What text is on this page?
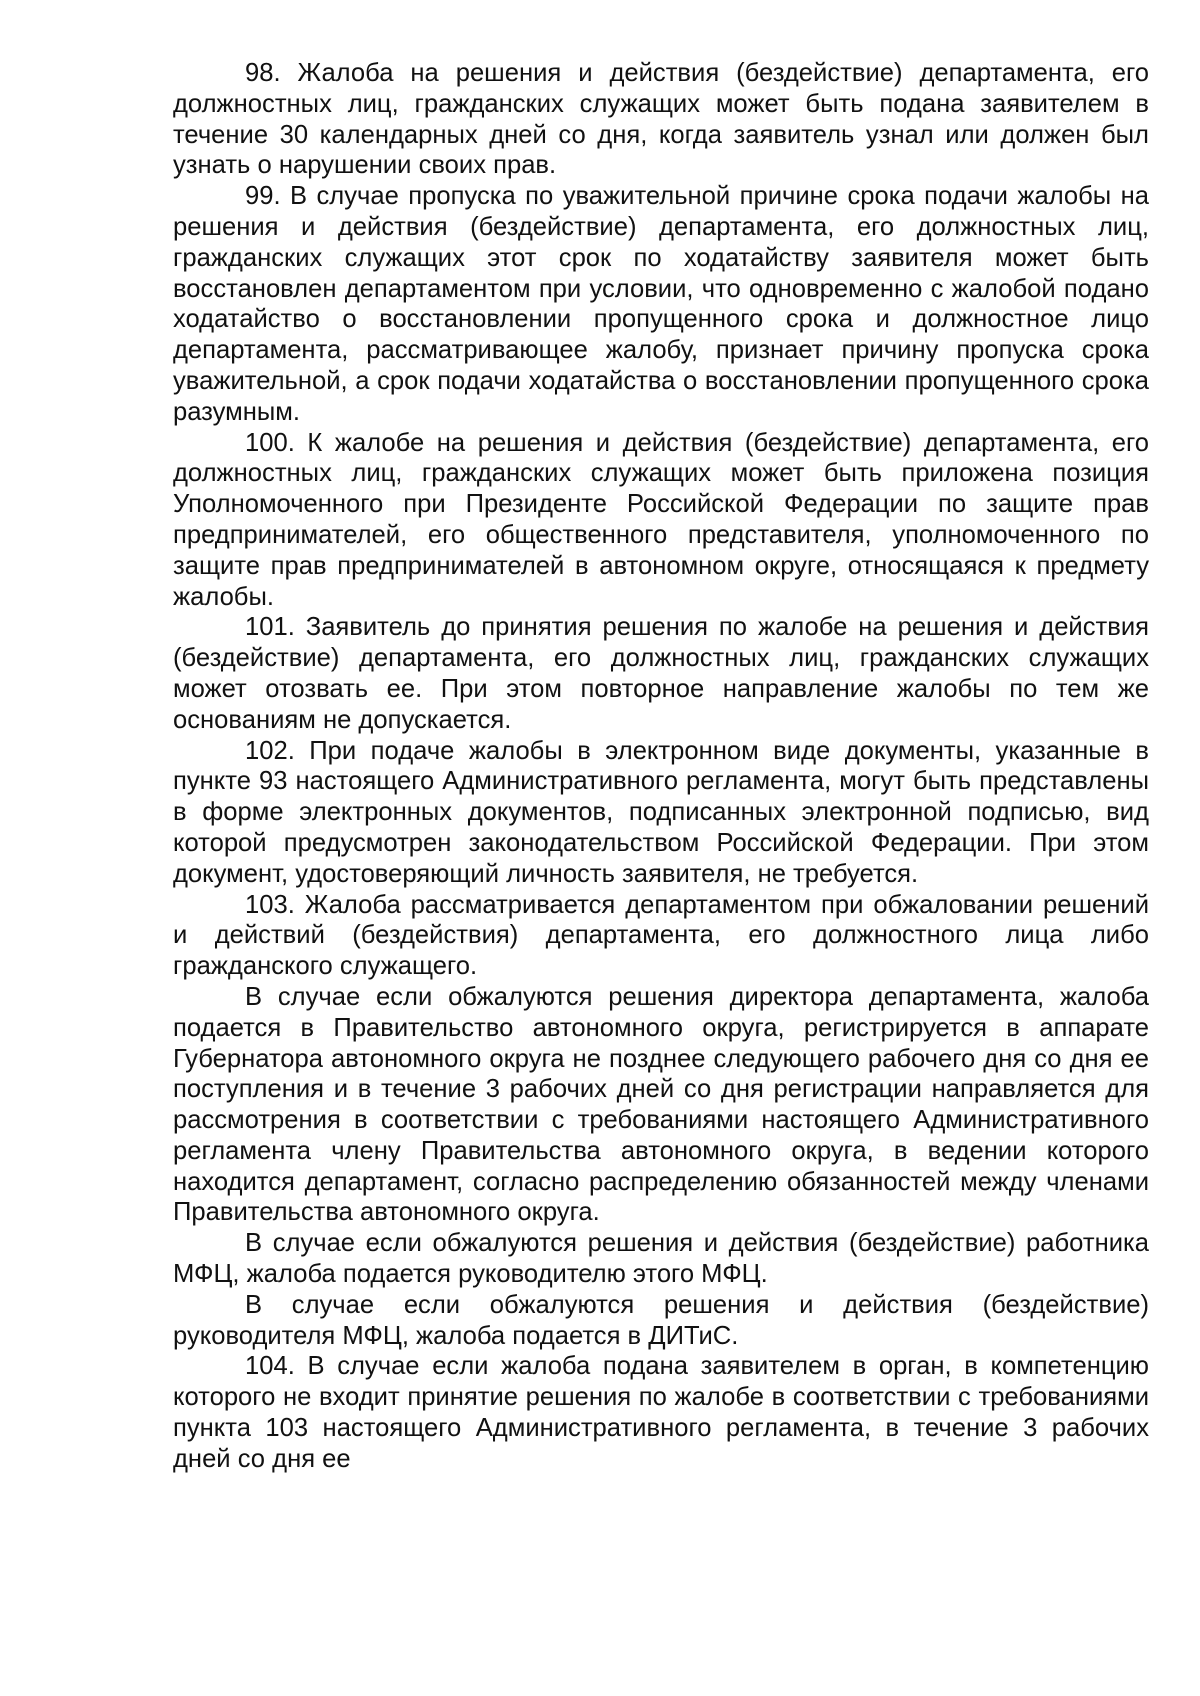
98. Жалоба на решения и действия (бездействие) департамента, его должностных лиц, гражданских служащих может быть подана заявителем в течение 30 календарных дней со дня, когда заявитель узнал или должен был узнать о нарушении своих прав.

99. В случае пропуска по уважительной причине срока подачи жалобы на решения и действия (бездействие) департамента, его должностных лиц, гражданских служащих этот срок по ходатайству заявителя может быть восстановлен департаментом при условии, что одновременно с жалобой подано ходатайство о восстановлении пропущенного срока и должностное лицо департамента, рассматривающее жалобу, признает причину пропуска срока уважительной, а срок подачи ходатайства о восстановлении пропущенного срока разумным.

100. К жалобе на решения и действия (бездействие) департамента, его должностных лиц, гражданских служащих может быть приложена позиция Уполномоченного при Президенте Российской Федерации по защите прав предпринимателей, его общественного представителя, уполномоченного по защите прав предпринимателей в автономном округе, относящаяся к предмету жалобы.

101. Заявитель до принятия решения по жалобе на решения и действия (бездействие) департамента, его должностных лиц, гражданских служащих может отозвать ее. При этом повторное направление жалобы по тем же основаниям не допускается.

102. При подаче жалобы в электронном виде документы, указанные в пункте 93 настоящего Административного регламента, могут быть представлены в форме электронных документов, подписанных электронной подписью, вид которой предусмотрен законодательством Российской Федерации. При этом документ, удостоверяющий личность заявителя, не требуется.

103. Жалоба рассматривается департаментом при обжаловании решений и действий (бездействия) департамента, его должностного лица либо гражданского служащего.

В случае если обжалуются решения директора департамента, жалоба подается в Правительство автономного округа, регистрируется в аппарате Губернатора автономного округа не позднее следующего рабочего дня со дня ее поступления и в течение 3 рабочих дней со дня регистрации направляется для рассмотрения в соответствии с требованиями настоящего Административного регламента члену Правительства автономного округа, в ведении которого находится департамент, согласно распределению обязанностей между членами Правительства автономного округа.

В случае если обжалуются решения и действия (бездействие) работника МФЦ, жалоба подается руководителю этого МФЦ.

В случае если обжалуются решения и действия (бездействие) руководителя МФЦ, жалоба подается в ДИТиС.

104. В случае если жалоба подана заявителем в орган, в компетенцию которого не входит принятие решения по жалобе в соответствии с требованиями пункта 103 настоящего Административного регламента, в течение 3 рабочих дней со дня ее
